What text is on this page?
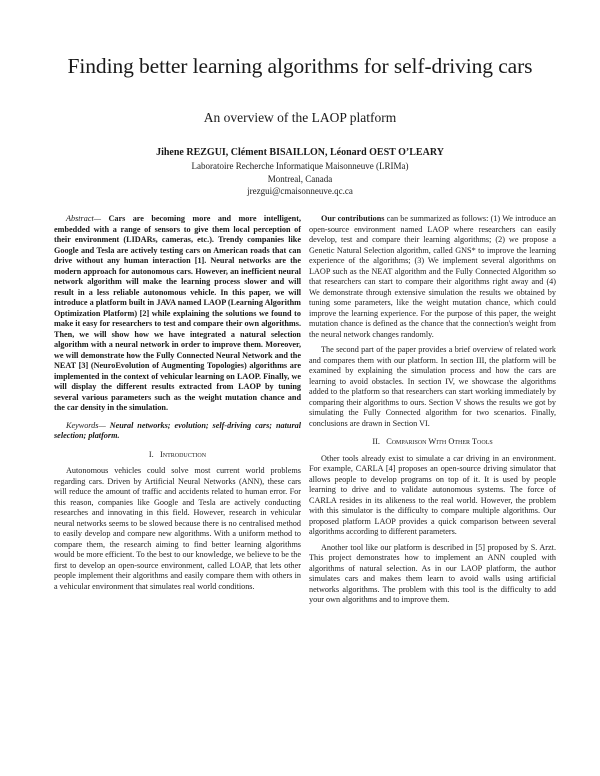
Finding better learning algorithms for self-driving cars
An overview of the LAOP platform
Jihene REZGUI, Clément BISAILLON, Léonard OEST O’LEARY
Laboratoire Recherche Informatique Maisonneuve (LRIMa)
Montreal, Canada
jrezgui@cmaisonneuve.qc.ca

Abstract— Cars are becoming more and more intelligent, embedded with a range of sensors to give them local perception of their environment (LIDARs, cameras, etc.). Trendy companies like Google and Tesla are actively testing cars on American roads that can drive without any human interaction [1]. Neural networks are the modern approach for autonomous cars. However, an inefficient neural network algorithm will make the learning process slower and will result in a less reliable autonomous vehicle. In this paper, we will introduce a platform built in JAVA named LAOP (Learning Algorithm Optimization Platform) [2] while explaining the solutions we found to make it easy for researchers to test and compare their own algorithms. Then, we will show how we have integrated a natural selection algorithm with a neural network in order to improve them. Moreover, we will demonstrate how the Fully Connected Neural Network and the NEAT [3] (NeuroEvolution of Augmenting Topologies) algorithms are implemented in the context of vehicular learning on LAOP. Finally, we will display the different results extracted from LAOP by tuning several various parameters such as the weight mutation chance and the car density in the simulation.

Keywords— Neural networks; evolution; self-driving cars; natural selection; platform.

I. Introduction

Autonomous vehicles could solve most current world problems regarding cars. Driven by Artificial Neural Networks (ANN), these cars will reduce the amount of traffic and accidents related to human error. For this reason, companies like Google and Tesla are actively conducting researches and innovating in this field. However, research in vehicular neural networks seems to be slowed because there is no centralised method to easily develop and compare new algorithms. With a uniform method to compare them, the research aiming to find better learning algorithms would be more efficient. To the best to our knowledge, we believe to be the first to develop an open-source environment, called LOAP, that lets other people implement their algorithms and easily compare them with others in a vehicular environment that simulates real world conditions.

Our contributions can be summarized as follows: (1) We introduce an open-source environment named LAOP where researchers can easily develop, test and compare their learning algorithms; (2) we propose a Genetic Natural Selection algorithm, called GNS* to improve the learning experience of the algorithms; (3) We implement several algorithms on LAOP such as the NEAT algorithm and the Fully Connected Algorithm so that researchers can start to compare their algorithms right away and (4) We demonstrate through extensive simulation the results we obtained by tuning some parameters, like the weight mutation chance, which could improve the learning experience. For the purpose of this paper, the weight mutation chance is defined as the chance that the connection's weight from the neural network changes randomly.

The second part of the paper provides a brief overview of related work and compares them with our platform. In section III, the platform will be examined by explaining the simulation process and how the cars are learning to avoid obstacles. In section IV, we showcase the algorithms added to the platform so that researchers can start working immediately by comparing their algorithms to ours. Section V shows the results we got by simulating the Fully Connected algorithm for two scenarios. Finally, conclusions are drawn in Section VI.

II. Comparison With Other Tools

Other tools already exist to simulate a car driving in an environment. For example, CARLA [4] proposes an open-source driving simulator that allows people to develop programs on top of it. It is used by people learning to drive and to validate autonomous systems. The force of CARLA resides in its alikeness to the real world. However, the problem with this simulator is the difficulty to compare multiple algorithms. Our proposed platform LAOP provides a quick comparison between several algorithms according to different parameters.

Another tool like our platform is described in [5] proposed by S. Arzt. This project demonstrates how to implement an ANN coupled with algorithms of natural selection. As in our LAOP platform, the author simulates cars and makes them learn to avoid walls using artificial networks algorithms. The problem with this tool is the difficulty to add your own algorithms and to improve them.
